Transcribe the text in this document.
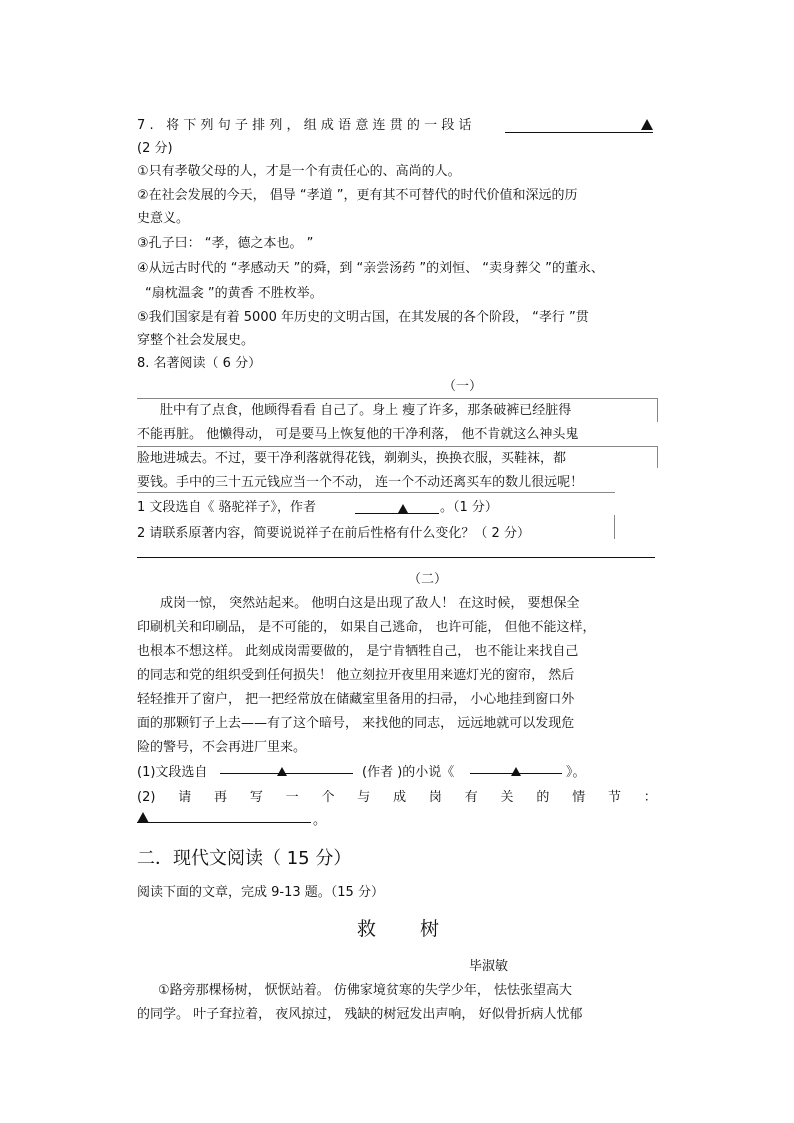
7. 将下列句子排列，组成语意连贯的一段话
(2 分)
①只有孝敬父母的人，才是一个有责任心的、高尚的人。
②在社会发展的今天， 倡导 “孝道 ”，更有其不可替代的时代价值和深远的历
史意义。
③孔子曰： “孝，德之本也。 ”
④从远古时代的 “孝感动天 ”的舜，到 “亲尝汤药 ”的刘恒、 “卖身葬父 ”的董永、
“扇枕温衾 ”的黄香 不胜枚举。
⑤我们国家是有着 5000 年历史的文明古国，在其发展的各个阶段， “孝行 ”贯
穿整个社会发展史。
8. 名著阅读（ 6 分）
（一）
肚中有了点食，他顾得看看 自己了。身上 瘦了许多，那条破裤已经脏得
不能再脏。 他懒得动， 可是要马上恢复他的干净利落， 他不肯就这么神头鬼
脸地进城去。不过，要干净利落就得花钱，剃剃头，换换衣服，买鞋袜，都
要钱。手中的三十五元钱应当一个不动， 连一个不动还离买车的数儿很远呢！
1 文段选自《 骆驼祥子》，作者	。（1 分）
2 请联系原著内容，简要说说祥子在前后性格有什么变化？（ 2 分）
（二）
成岗一惊， 突然站起来。 他明白这是出现了敌人！ 在这时候， 要想保全
印刷机关和印刷品， 是不可能的， 如果自己逃命， 也许可能， 但他不能这样，
也根本不想这样。 此刻成岗需要做的， 是宁肯牺牲自己， 也不能让来找自己
的同志和党的组织受到任何损失！ 他立刻拉开夜里用来遮灯光的窗帘， 然后
轻轻推开了窗户， 把一把经常放在储藏室里备用的扫帚， 小心地挂到窗口外
面的那颗钉子上去——有了这个暗号， 来找他的同志， 远远地就可以发现危
险的警号，不会再进厂里来。
(1)文段选自	(作者 )的小说《	》。
(2) 请 再 写 一 个 与 成 岗 有 关 的 情 节 ：
。
二．现代文阅读（ 15 分）
阅读下面的文章，完成 9-13 题。（15 分）
救树
毕淑敏
①路旁那棵杨树， 恹恹站着。 仿佛家境贫寒的失学少年， 怯怯张望高大
的同学。 叶子耷拉着， 夜风掠过， 残缺的树冠发出声响， 好似骨折病人忧郁
